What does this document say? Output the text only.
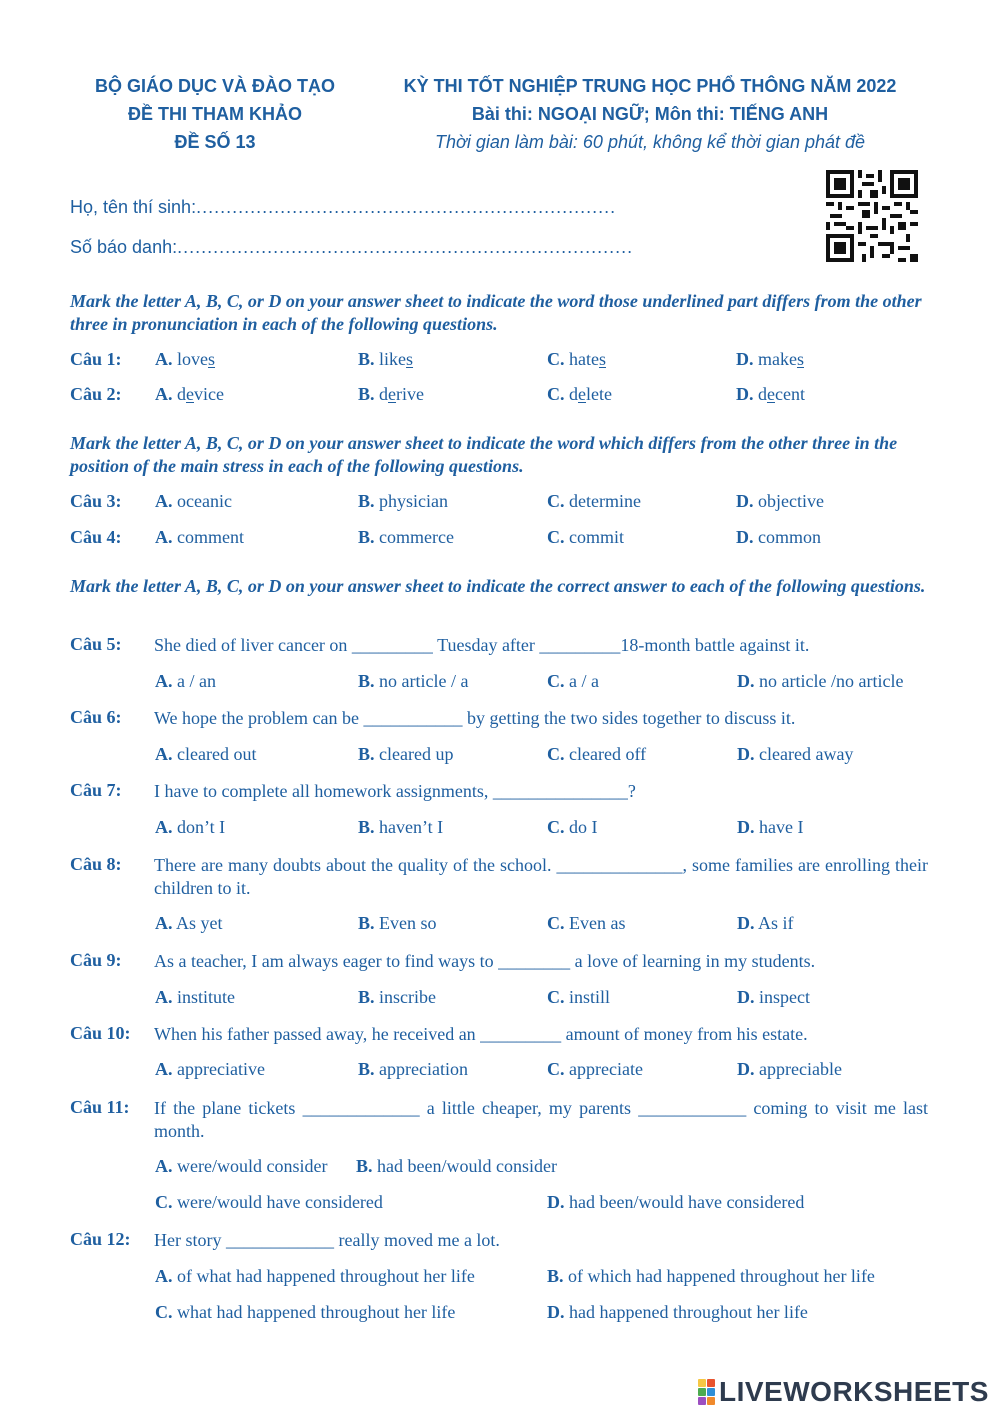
BỘ GIÁO DỤC VÀ ĐÀO TẠO
ĐỀ THI THAM KHẢO
ĐỀ SỐ 13
KỲ THI TỐT NGHIỆP TRUNG HỌC PHỔ THÔNG NĂM 2022
Bài thi: NGOẠI NGỮ; Môn thi: TIẾNG ANH
Thời gian làm bài: 60 phút, không kể thời gian phát đề
Họ, tên thí sinh:......................................................................
Số báo danh:............................................................................
Mark the letter A, B, C, or D on your answer sheet to indicate the word those underlined part differs from the other three in pronunciation in each of the following questions.
Câu 1: A. loves	B. likes	C. hates	D. makes
Câu 2: A. device	B. derive	C. delete	D. decent
Mark the letter A, B, C, or D on your answer sheet to indicate the word which differs from the other three in the position of the main stress in each of the following questions.
Câu 3: A. oceanic	B. physician	C. determine	D. objective
Câu 4: A. comment	B. commerce	C. commit	D. common
Mark the letter A, B, C, or D on your answer sheet to indicate the correct answer to each of the following questions.
Câu 5: She died of liver cancer on _________ Tuesday after _________18-month battle against it.
A. a / an	B. no article / a	C. a / a	D. no article /no article
Câu 6: We hope the problem can be ___________ by getting the two sides together to discuss it.
A. cleared out	B. cleared up	C. cleared off	D. cleared away
Câu 7: I have to complete all homework assignments, _______________?
A. don’t I	B. haven’t I	C. do I	D. have I
Câu 8: There are many doubts about the quality of the school. ______________, some families are enrolling their children to it.
A. As yet	B. Even so	C. Even as	D. As if
Câu 9: As a teacher, I am always eager to find ways to ________ a love of learning in my students.
A. institute	B. inscribe	C. instill	D. inspect
Câu 10: When his father passed away, he received an _________ amount of money from his estate.
A. appreciative	B. appreciation	C. appreciate	D. appreciable
Câu 11: If the plane tickets _____________ a little cheaper, my parents ____________ coming to visit me last month.
A. were/would consider B. had been/would consider
C. were/would have considered	D. had been/would have considered
Câu 12: Her story ____________ really moved me a lot.
A. of what had happened throughout her life	B. of which had happened throughout her life
C. what had happened throughout her life	D. had happened throughout her life
LIVEWORKSHEETS
